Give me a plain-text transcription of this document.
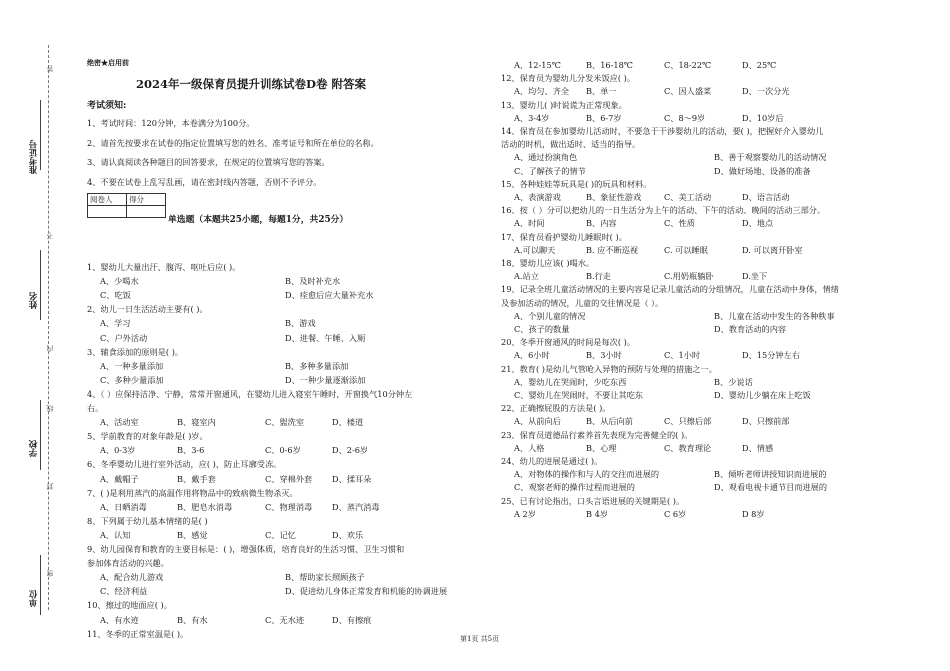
准考证号
姓名
学校
单位
答
不
内
线
封
密
绝密★启用前
2024年一级保育员提升训练试卷D卷 附答案
考试须知:
1、考试时间：120分钟，本卷满分为100分。
2、请首先按要求在试卷的指定位置填写您的姓名、准考证号和所在单位的名称。
3、请认真阅读各种题目的回答要求，在规定的位置填写您的答案。
4、不要在试卷上乱写乱画，请在密封线内答题，否则不予评分。
阅卷人	得分

单选题（本题共25小题，每题1分，共25分）
1、婴幼儿大量出汗、腹泻、呕吐后应( )。
A、少喝水	B、及时补充水
C、吃饭	D、痊愈后应大量补充水
2、幼儿一日生活活动主要有( )。
A、学习	B、游戏
C、户外活动	D、进餐、午睡、入厕
3、辅食添加的原则是( )。
A、一种多量添加	B、多种多量添加
C、多种少量添加	D、一种少量逐渐添加
4、（ ）应保持洁净、宁静，常常开窗通风，在婴幼儿进入寝室午睡时，开窗换气10分钟左
右。
A、活动室	B、寝室内	C、盥洗室	D、楼道
5、学前教育的对象年龄是( )岁。
A、0-3岁	B、3-6	C、0-6岁	D、2-6岁
6、冬季婴幼儿进行室外活动，应( )，防止耳廓受冻。
A、戴帽子	B、戴手套	C、穿棉外套 D、揉耳朵
7、( )是利用蒸汽的高温作用将物品中的致病微生物杀灭。
A、日晒消毒	B、肥皂水消毒	C、物理消毒 D、蒸汽消毒
8、下列属于幼儿基本情绪的是( )
A、认知	B、感觉	C、记忆	D、欢乐
9、幼儿园保育和教育的主要目标是：( )，增强体质，培育良好的生活习惯、卫生习惯和
参加体育活动的兴趣。
A、配合幼儿游戏	B、帮助家长照顾孩子
C、经济利益	D、促进幼儿身体正常发育和机能的协调进展
10、擦过的地面应( )。
A、有水迹	B、有水	C、无水迹	D、有擦痕
11、冬季的正常室温是( )。
A、12-15℃	B、16-18℃	C、18-22℃	D、25℃
12、保育员为婴幼儿分发米饭应( )。
A、均匀、齐全 B、单一	C、因人盛菜	D、一次分光
13、婴幼儿( )时说谎为正常现象。
A、3-4岁	B、6-7岁	C、8～9岁	D、10岁后
14、保育员在参加婴幼儿活动时，不要急于干涉婴幼儿的活动，要( )，把握好介入婴幼儿
活动的时机，做出适时、适当的指导。
A、通过扮演角色	B、善于观察婴幼儿的活动情况
C、了解孩子的情节	D、做好场地、设备的准备
15、各种娃娃等玩具是( )的玩具和材料。
A、表演游戏	B、象征性游戏	C、美工活动	D、语言活动
16、按（ ）分可以把幼儿的一日生活分为上午的活动、下午的活动、晚间的活动三部分。
A、时间	B、内容	C、性质	D、地点
17、保育员看护婴幼儿睡眠时( )。
A.可以聊天	B. 应不断巡视	C. 可以睡眠	D. 可以离开卧室
18、婴幼儿应该( )喝水。
A.站立	B.行走	C.用奶瓶躺卧	D.坐下
19、记录全班儿童活动情况的主要内容是记录儿童活动的分组情况，儿童在活动中身体，情绪
及参加活动的情况，儿童的交往情况是（ ）。
A、个别儿童的情况	B、儿童在活动中发生的各种秩事
C、孩子的数量	D、教育活动的内容
20、冬季开窗通风的时间是每次( )。
A、6小时	B、3小时	C、1小时	D、15分钟左右
21、教育( )是幼儿气管呛入异物的预防与处理的措施之一。
A、婴幼儿在哭闹时，少吃东西	B、少说话
C、婴幼儿在哭闹时，不要让其吃东	D、婴幼儿少躺在床上吃饭
22、正确擦屁股的方法是( )。
A、从前向后	B、从后向前	C、只擦后部	D、只擦前部
23、保育员道德品行素养首先表现为完善健全的( )。
A、人格	B、心理	C、教育理论	D、情感
24、幼儿的进展是通过( )。
A、对物体的操作和与人的交往而进展的	B、倾听老师讲授知识而进展的
C、观察老师的操作过程而进展的	D、观看电视卡通节目而进展的
25、已有讨论指出，口头言语进展的关键期是( )。
A 2岁	B 4岁	C 6岁	D 8岁
第1页 共5页
